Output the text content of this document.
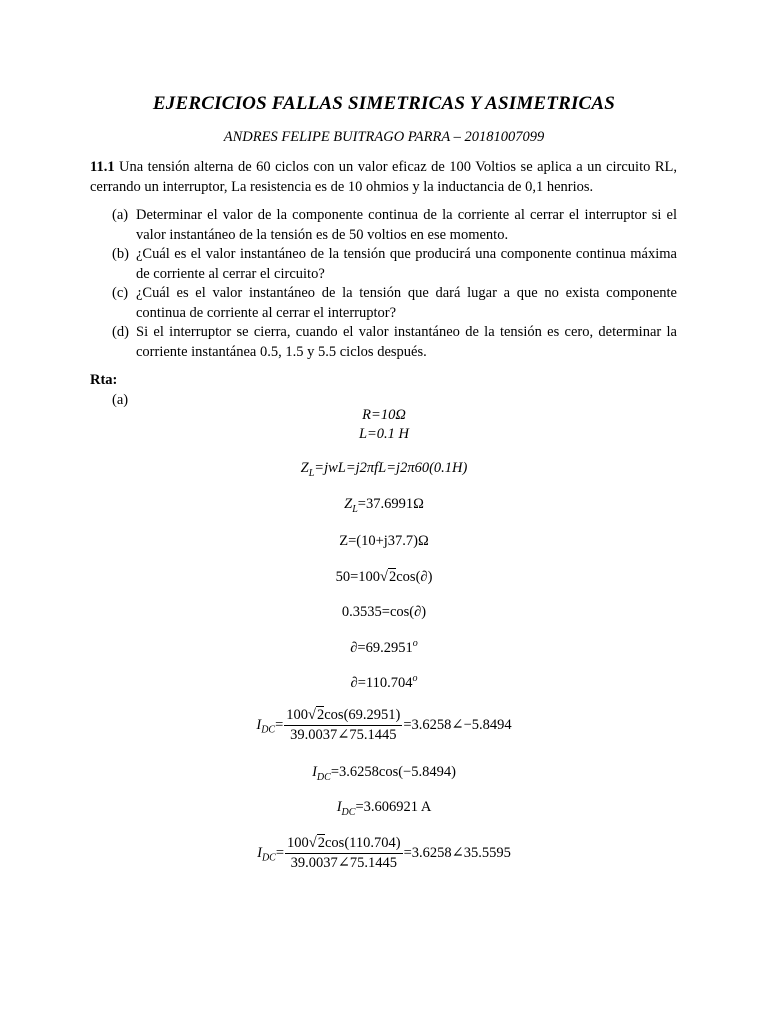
EJERCICIOS FALLAS SIMETRICAS Y ASIMETRICAS
ANDRES FELIPE BUITRAGO PARRA – 20181007099
11.1 Una tensión alterna de 60 ciclos con un valor eficaz de 100 Voltios se aplica a un circuito RL, cerrando un interruptor, La resistencia es de 10 ohmios y la inductancia de 0,1 henrios.
(a) Determinar el valor de la componente continua de la corriente al cerrar el interruptor si el valor instantáneo de la tensión es de 50 voltios en ese momento.
(b) ¿Cuál es el valor instantáneo de la tensión que producirá una componente continua máxima de corriente al cerrar el circuito?
(c) ¿Cuál es el valor instantáneo de la tensión que dará lugar a que no exista componente continua de corriente al cerrar el interruptor?
(d) Si el interruptor se cierra, cuando el valor instantáneo de la tensión es cero, determinar la corriente instantánea 0.5, 1.5 y 5.5 ciclos después.
Rta:
(a)
R=10Ω
L=0.1 H
$Z_L=jwL=j2\pi fL=j2\pi 60(0.1H)$
$Z_L=37.6991\Omega$
Z=(10+j37.7)Ω
50=100√2cos(∂)
0.3535=cos(∂)
$\partial=69.2951^o$
$\partial=110.704^o$
$I_{DC}= \frac{100√2\cos(69.2951)}{39.0037\angle 75.1445}$ =3.6258∠−5.8494
$I_{DC}=3.6258\cos(-5.8494)$
$I_{DC}=3.606921$ A
$I_{DC}= \frac{100√2\cos(110.704)}{39.0037\angle 75.1445}$ =3.6258∠35.5595
